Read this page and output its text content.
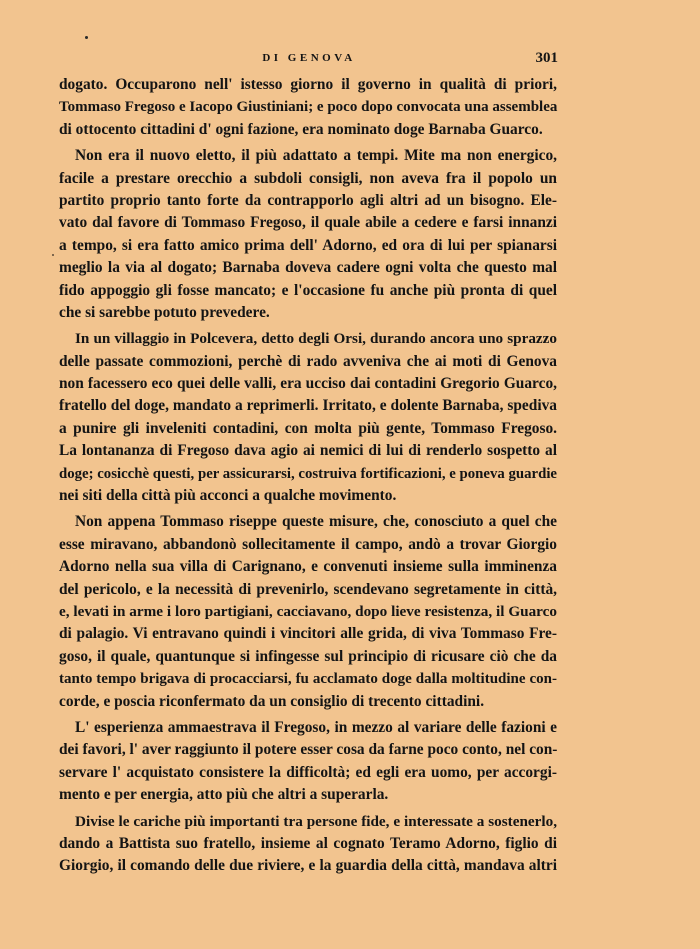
DI GENOVA	301
dogato. Occuparono nell' istesso giorno il governo in qualità di priori,
Tommaso Fregoso e Iacopo Giustiniani; e poco dopo convocata una assemblea
di ottocento cittadini d' ogni fazione, era nominato doge Barnaba Guarco.
Non era il nuovo eletto, il più adattato a tempi. Mite ma non energico,
facile a prestare orecchio a subdoli consigli, non aveva fra il popolo un
partito proprio tanto forte da contrapporlo agli altri ad un bisogno. Ele-
vato dal favore di Tommaso Fregoso, il quale abile a cedere e farsi innanzi
a tempo, si era fatto amico prima dell' Adorno, ed ora di lui per spianarsi
meglio la via al dogato; Barnaba doveva cadere ogni volta che questo mal
fido appoggio gli fosse mancato; e l'occasione fu anche più pronta di quel
che si sarebbe potuto prevedere.
In un villaggio in Polcevera, detto degli Orsi, durando ancora uno sprazzo
delle passate commozioni, perchè di rado avveniva che ai moti di Genova
non facessero eco quei delle valli, era ucciso dai contadini Gregorio Guarco,
fratello del doge, mandato a reprimerli. Irritato, e dolente Barnaba, spediva
a punire gli inveleniti contadini, con molta più gente, Tommaso Fregoso.
La lontananza di Fregoso dava agio ai nemici di lui di renderlo sospetto al
doge; cosicchè questi, per assicurarsi, costruiva fortificazioni, e poneva guardie
nei siti della città più acconci a qualche movimento.
Non appena Tommaso riseppe queste misure, che, conosciuto a quel che
esse miravano, abbandonò sollecitamente il campo, andò a trovar Giorgio
Adorno nella sua villa di Carignano, e convenuti insieme sulla imminenza
del pericolo, e la necessità di prevenirlo, scendevano segretamente in città,
e, levati in arme i loro partigiani, cacciavano, dopo lieve resistenza, il Guarco
di palagio. Vi entravano quindi i vincitori alle grida, di viva Tommaso Fre-
goso, il quale, quantunque si infingesse sul principio di ricusare ciò che da
tanto tempo brigava di procacciarsi, fu acclamato doge dalla moltitudine con-
corde, e poscia riconfermato da un consiglio di trecento cittadini.
L' esperienza ammaestrava il Fregoso, in mezzo al variare delle fazioni e
dei favori, l' aver raggiunto il potere esser cosa da farne poco conto, nel con-
servare l' acquistato consistere la difficoltà; ed egli era uomo, per accorgi-
mento e per energia, atto più che altri a superarla.
Divise le cariche più importanti tra persone fide, e interessate a sostenerlo,
dando a Battista suo fratello, insieme al cognato Teramo Adorno, figlio di
Giorgio, il comando delle due riviere, e la guardia della città, mandava altri
